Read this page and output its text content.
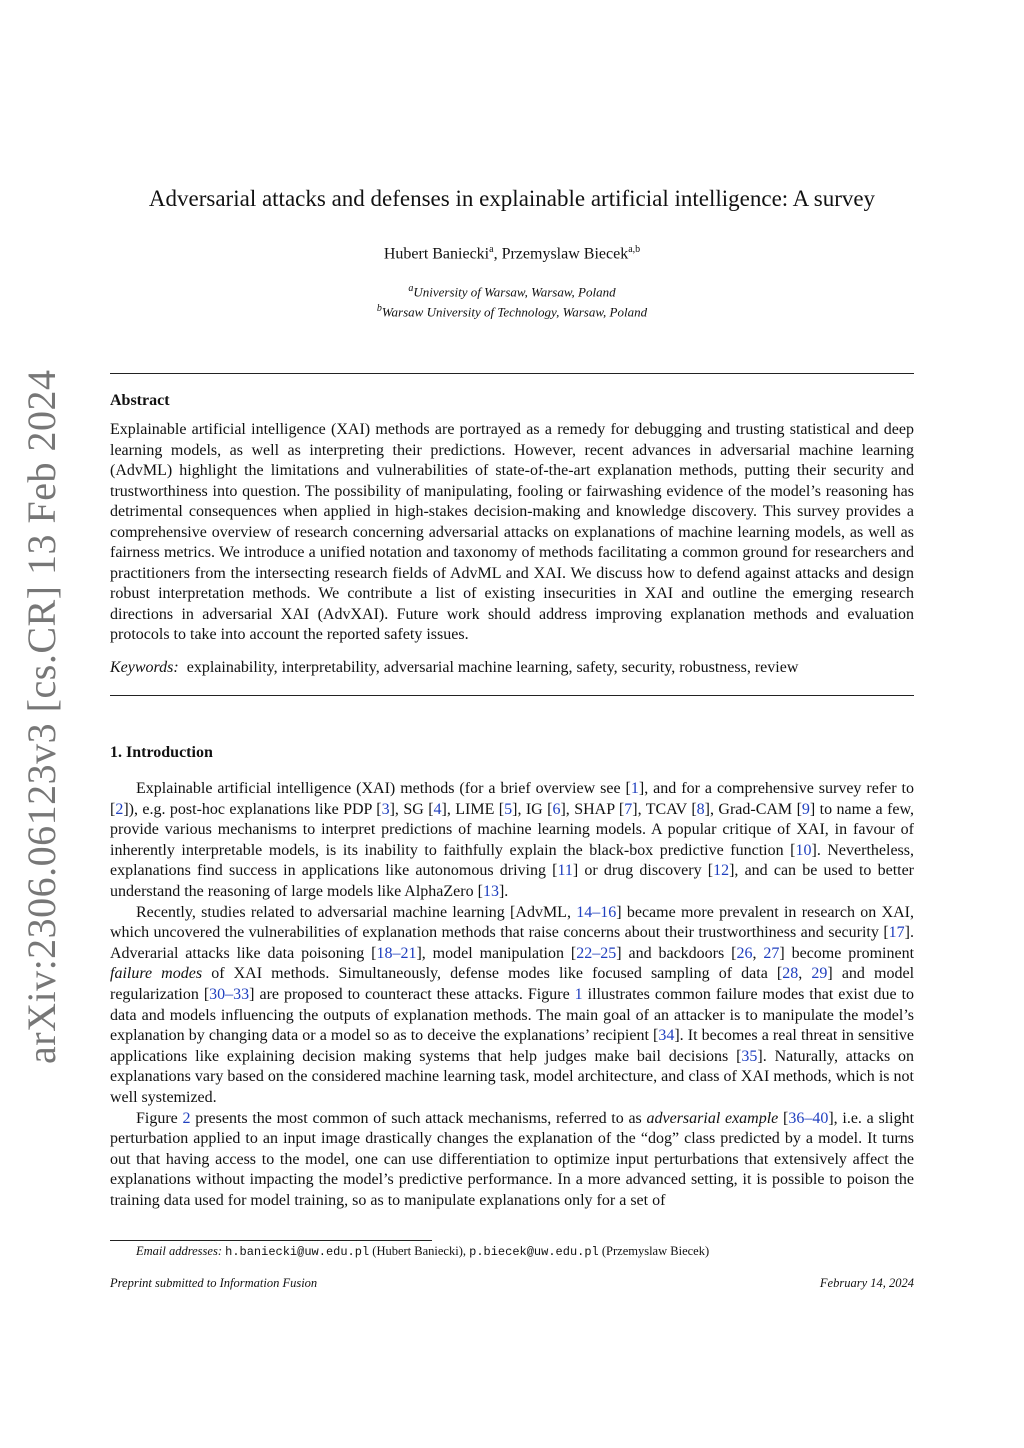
arXiv:2306.06123v3 [cs.CR] 13 Feb 2024
Adversarial attacks and defenses in explainable artificial intelligence: A survey
Hubert Baniecki$^a$, Przemyslaw Biecek$^{a,b}$
$^a$University of Warsaw, Warsaw, Poland
$^b$Warsaw University of Technology, Warsaw, Poland
Abstract
Explainable artificial intelligence (XAI) methods are portrayed as a remedy for debugging and trusting statistical and deep learning models, as well as interpreting their predictions. However, recent advances in adversarial machine learning (AdvML) highlight the limitations and vulnerabilities of state-of-the-art explanation methods, putting their security and trustworthiness into question. The possibility of manipulating, fooling or fairwashing evidence of the model’s reasoning has detrimental consequences when applied in high-stakes decision-making and knowledge discovery. This survey provides a comprehensive overview of research concerning adversarial attacks on explanations of machine learning models, as well as fairness metrics. We introduce a unified notation and taxonomy of methods facilitating a common ground for researchers and practitioners from the intersecting research fields of AdvML and XAI. We discuss how to defend against attacks and design robust interpretation methods. We contribute a list of existing insecurities in XAI and outline the emerging research directions in adversarial XAI (AdvXAI). Future work should address improving explanation methods and evaluation protocols to take into account the reported safety issues.
Keywords: explainability, interpretability, adversarial machine learning, safety, security, robustness, review
1. Introduction

Explainable artificial intelligence (XAI) methods (for a brief overview see [1], and for a comprehensive survey refer to [2]), e.g. post-hoc explanations like PDP [3], SG [4], LIME [5], IG [6], SHAP [7], TCAV [8], Grad-CAM [9] to name a few, provide various mechanisms to interpret predictions of machine learning models. A popular critique of XAI, in favour of inherently interpretable models, is its inability to faithfully explain the black-box predictive function [10]. Nevertheless, explanations find success in applications like autonomous driving [11] or drug discovery [12], and can be used to better understand the reasoning of large models like AlphaZero [13].

Recently, studies related to adversarial machine learning [AdvML, 14–16] became more prevalent in research on XAI, which uncovered the vulnerabilities of explanation methods that raise concerns about their trustworthiness and security [17]. Adverarial attacks like data poisoning [18–21], model manipulation [22–25] and backdoors [26, 27] become prominent failure modes of XAI methods. Simultaneously, defense modes like focused sampling of data [28, 29] and model regularization [30–33] are proposed to counteract these attacks. Figure 1 illustrates common failure modes that exist due to data and models influencing the outputs of explanation methods. The main goal of an attacker is to manipulate the model’s explanation by changing data or a model so as to deceive the explanations’ recipient [34]. It becomes a real threat in sensitive applications like explaining decision making systems that help judges make bail decisions [35]. Naturally, attacks on explanations vary based on the considered machine learning task, model architecture, and class of XAI methods, which is not well systemized.

Figure 2 presents the most common of such attack mechanisms, referred to as adversarial example [36–40], i.e. a slight perturbation applied to an input image drastically changes the explanation of the “dog” class predicted by a model. It turns out that having access to the model, one can use differentiation to optimize input perturbations that extensively affect the explanations without impacting the model’s predictive performance. In a more advanced setting, it is possible to poison the training data used for model training, so as to manipulate explanations only for a set of

Email addresses: h.baniecki@uw.edu.pl (Hubert Baniecki), p.biecek@uw.edu.pl (Przemyslaw Biecek)
Preprint submitted to Information Fusion	February 14, 2024
